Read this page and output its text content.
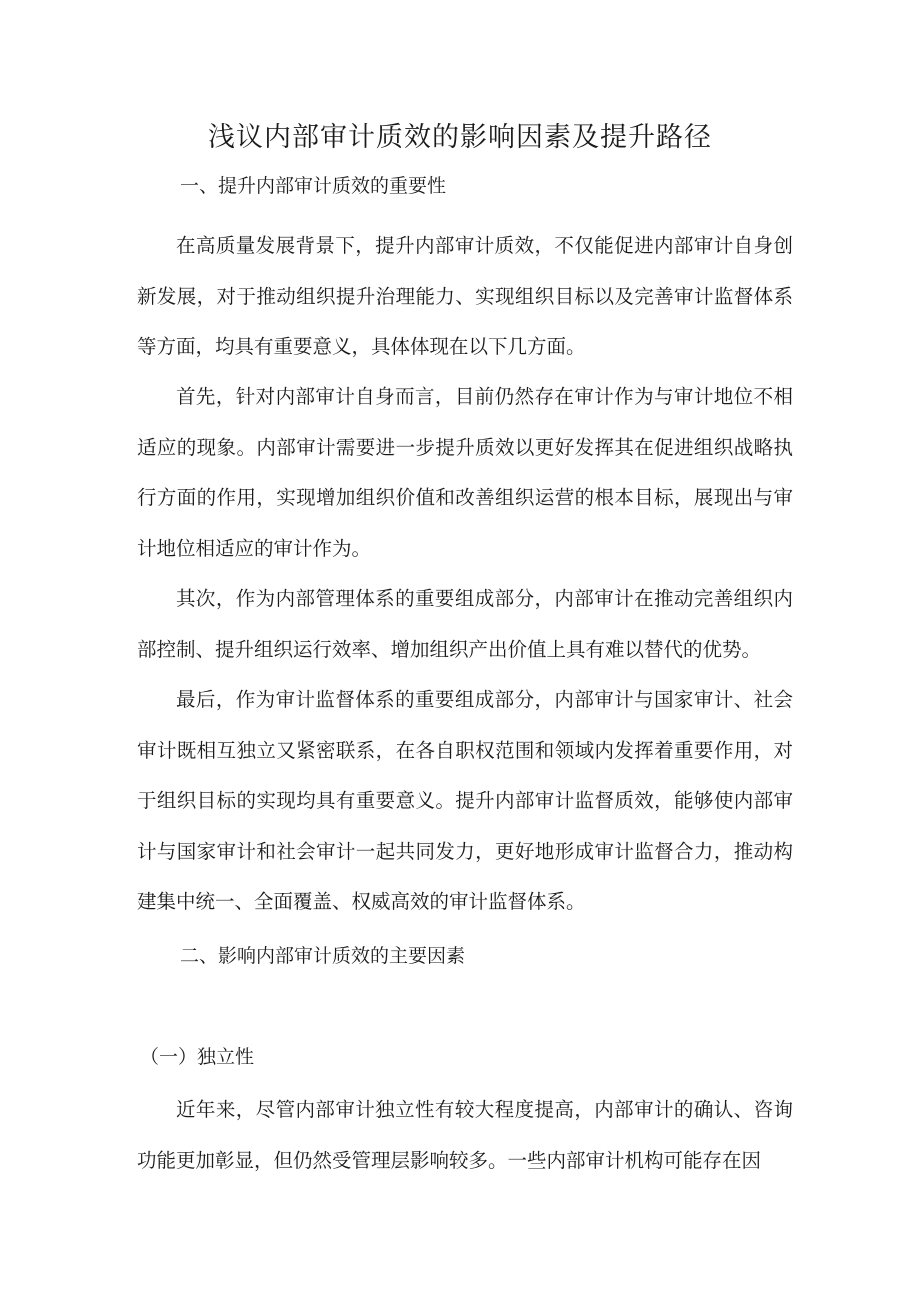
浅议内部审计质效的影响因素及提升路径
一、提升内部审计质效的重要性

在高质量发展背景下，提升内部审计质效，不仅能促进内部审计自身创新发展，对于推动组织提升治理能力、实现组织目标以及完善审计监督体系等方面，均具有重要意义，具体体现在以下几方面。

首先，针对内部审计自身而言，目前仍然存在审计作为与审计地位不相适应的现象。内部审计需要进一步提升质效以更好发挥其在促进组织战略执行方面的作用，实现增加组织价值和改善组织运营的根本目标，展现出与审计地位相适应的审计作为。

其次，作为内部管理体系的重要组成部分，内部审计在推动完善组织内部控制、提升组织运行效率、增加组织产出价值上具有难以替代的优势。

最后，作为审计监督体系的重要组成部分，内部审计与国家审计、社会审计既相互独立又紧密联系，在各自职权范围和领域内发挥着重要作用，对于组织目标的实现均具有重要意义。提升内部审计监督质效，能够使内部审计与国家审计和社会审计一起共同发力，更好地形成审计监督合力，推动构建集中统一、全面覆盖、权威高效的审计监督体系。

二、影响内部审计质效的主要因素
（一）独立性

近年来，尽管内部审计独立性有较大程度提高，内部审计的确认、咨询功能更加彰显，但仍然受管理层影响较多。一些内部审计机构可能存在因
